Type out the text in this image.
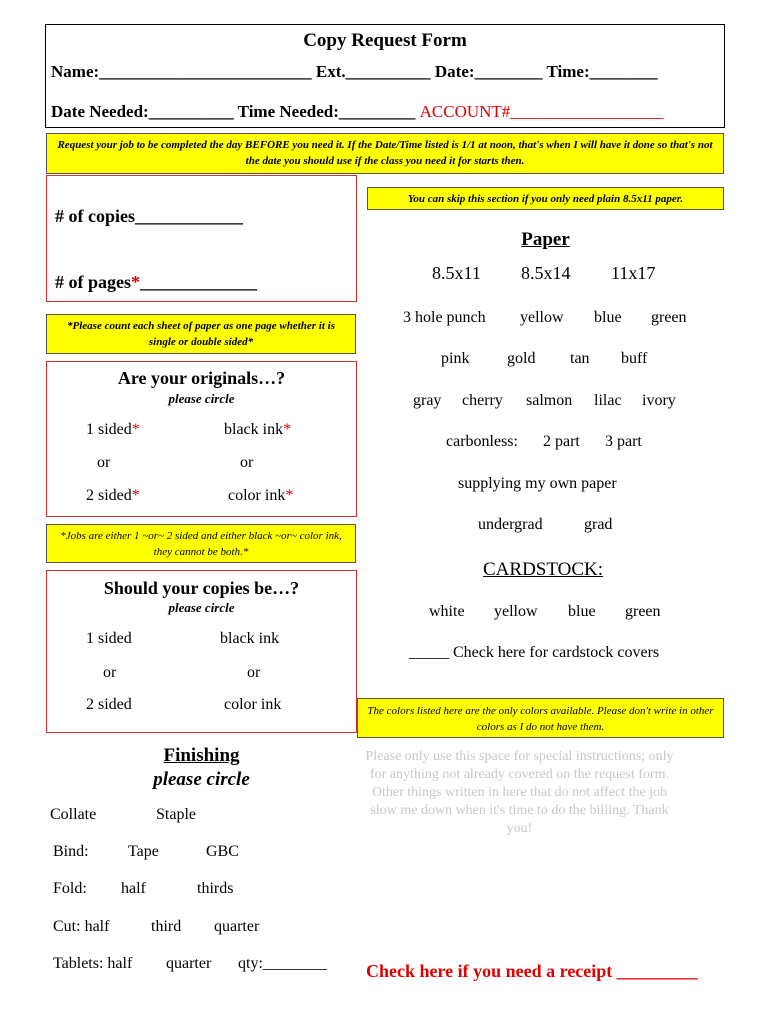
Copy Request Form
Name:_________________________ Ext.__________ Date:________ Time:________
Date Needed:__________ Time Needed:_________ ACCOUNT#__________________
Request your job to be completed the day BEFORE you need it. If the Date/Time listed is 1/1 at noon, that's when I will have it done so that's not the date you should use if the class you need it for starts then.
# of copies____________
# of pages*_____________
*Please count each sheet of paper as one page whether it is single or double sided*
Are your originals…?
please circle
1 sided*	black ink*
or	or
2 sided*	color ink*
*Jobs are either 1 ~or~ 2 sided and either black ~or~ color ink, they cannot be both.*
Should your copies be…?
please circle
1 sided	black ink
or	or
2 sided	color ink
Finishing
please circle
Collate	Staple
Bind: Tape	GBC
Fold: half	thirds
Cut: half	third quarter
Tablets: half quarter qty:________
You can skip this section if you only need plain 8.5x11 paper.
Paper
8.5x11 8.5x14 11x17
3 hole punch yellow blue green
pink gold tan buff
gray cherry salmon lilac ivory
carbonless: 2 part 3 part
supplying my own paper
undergrad	grad
CARDSTOCK:
white yellow blue green
_____ Check here for cardstock covers
The colors listed here are the only colors available. Please don't write in other colors as I do not have them.
Please only use this space for special instructions; only for anything not already covered on the request form. Other things written in here that do not affect the job slow me down when it's time to do the billing. Thank you!
Check here if you need a receipt _________
